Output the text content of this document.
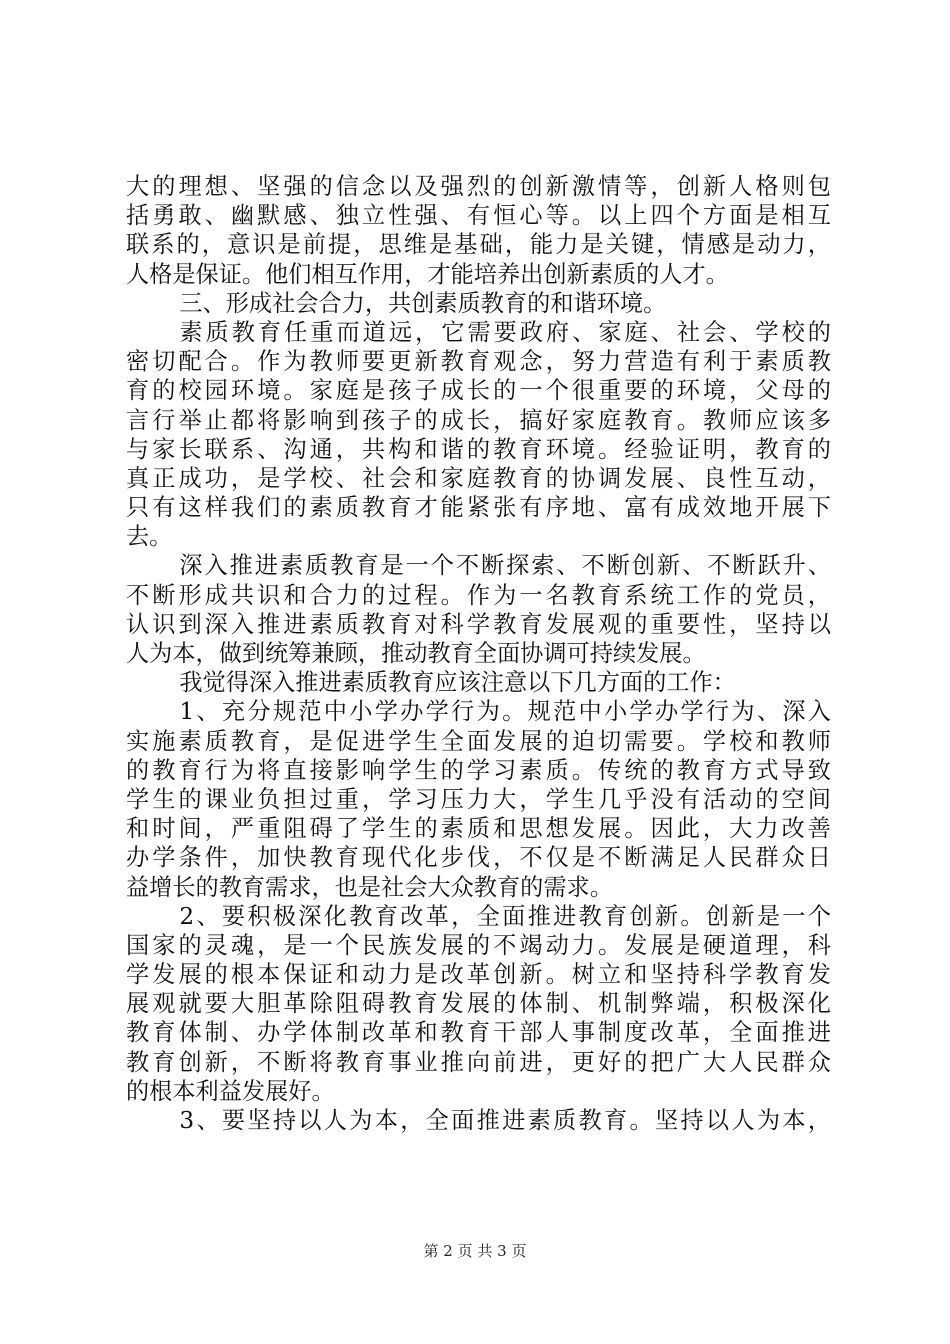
大的理想、坚强的信念以及强烈的创新激情等，创新人格则包
括勇敢、幽默感、独立性强、有恒心等。以上四个方面是相互
联系的，意识是前提，思维是基础，能力是关键，情感是动力，
人格是保证。他们相互作用，才能培养出创新素质的人才。
三、形成社会合力，共创素质教育的和谐环境。
素质教育任重而道远，它需要政府、家庭、社会、学校的
密切配合。作为教师要更新教育观念，努力营造有利于素质教
育的校园环境。家庭是孩子成长的一个很重要的环境，父母的
言行举止都将影响到孩子的成长，搞好家庭教育。教师应该多
与家长联系、沟通，共构和谐的教育环境。经验证明，教育的
真正成功，是学校、社会和家庭教育的协调发展、良性互动，
只有这样我们的素质教育才能紧张有序地、富有成效地开展下
去。
深入推进素质教育是一个不断探索、不断创新、不断跃升、
不断形成共识和合力的过程。作为一名教育系统工作的党员，
认识到深入推进素质教育对科学教育发展观的重要性，坚持以
人为本，做到统筹兼顾，推动教育全面协调可持续发展。
我觉得深入推进素质教育应该注意以下几方面的工作：
1、充分规范中小学办学行为。规范中小学办学行为、深入
实施素质教育，是促进学生全面发展的迫切需要。学校和教师
的教育行为将直接影响学生的学习素质。传统的教育方式导致
学生的课业负担过重，学习压力大，学生几乎没有活动的空间
和时间，严重阻碍了学生的素质和思想发展。因此，大力改善
办学条件，加快教育现代化步伐，不仅是不断满足人民群众日
益增长的教育需求，也是社会大众教育的需求。
2、要积极深化教育改革，全面推进教育创新。创新是一个
国家的灵魂，是一个民族发展的不竭动力。发展是硬道理，科
学发展的根本保证和动力是改革创新。树立和坚持科学教育发
展观就要大胆革除阻碍教育发展的体制、机制弊端，积极深化
教育体制、办学体制改革和教育干部人事制度改革，全面推进
教育创新，不断将教育事业推向前进，更好的把广大人民群众
的根本利益发展好。
3、要坚持以人为本，全面推进素质教育。坚持以人为本，
第 2 页 共 3 页
